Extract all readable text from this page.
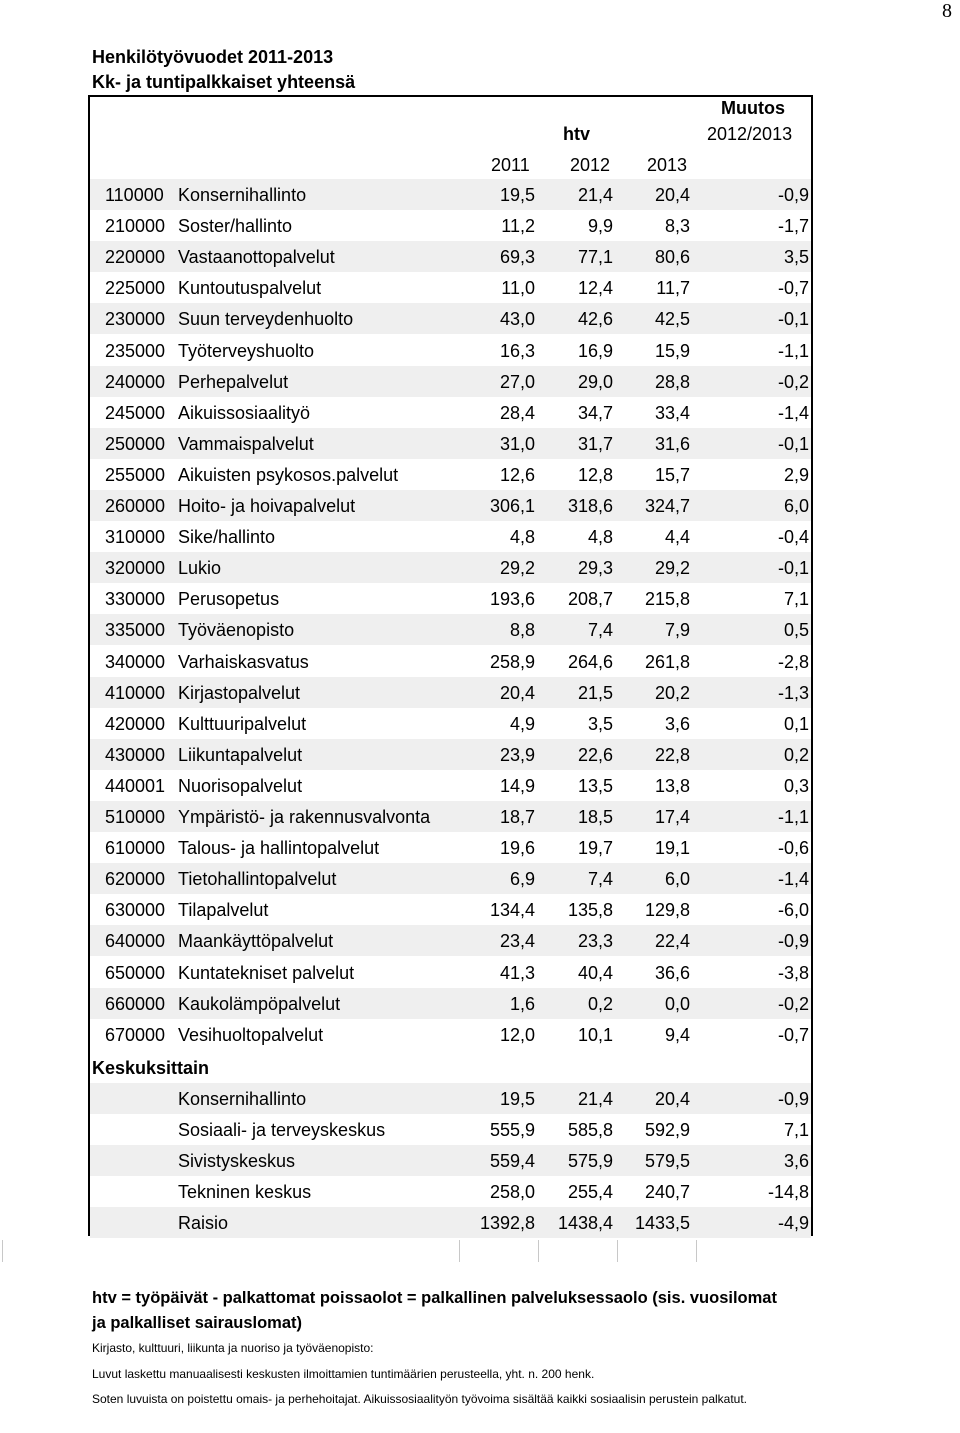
8
Henkilötyövuodet 2011-2013
Kk- ja tuntipalkkaiset yhteensä
Muutos
2012/2013
htv
2011 2012 2013
110000 Konsernihallinto	19,5	21,4	20,4	-0,9
210000 Soster/hallinto	11,2	9,9	8,3	-1,7
220000 Vastaanottopalvelut	69,3	77,1	80,6	3,5
225000 Kuntoutuspalvelut	11,0	12,4	11,7	-0,7
230000 Suun terveydenhuolto	43,0	42,6	42,5	-0,1
235000 Työterveyshuolto	16,3	16,9	15,9	-1,1
240000 Perhepalvelut	27,0	29,0	28,8	-0,2
245000 Aikuissosiaalityö	28,4	34,7	33,4	-1,4
250000 Vammaispalvelut	31,0	31,7	31,6	-0,1
255000 Aikuisten psykosos.palvelut	12,6	12,8	15,7	2,9
260000 Hoito- ja hoivapalvelut	306,1	318,6	324,7	6,0
310000 Sike/hallinto	4,8	4,8	4,4	-0,4
320000 Lukio	29,2	29,3	29,2	-0,1
330000 Perusopetus	193,6	208,7	215,8	7,1
335000 Työväenopisto	8,8	7,4	7,9	0,5
340000 Varhaiskasvatus	258,9	264,6	261,8	-2,8
410000 Kirjastopalvelut	20,4	21,5	20,2	-1,3
420000 Kulttuuripalvelut	4,9	3,5	3,6	0,1
430000 Liikuntapalvelut	23,9	22,6	22,8	0,2
440001 Nuorisopalvelut	14,9	13,5	13,8	0,3
510000 Ympäristö- ja rakennusvalvonta	18,7	18,5	17,4	-1,1
610000 Talous- ja hallintopalvelut	19,6	19,7	19,1	-0,6
620000 Tietohallintopalvelut	6,9	7,4	6,0	-1,4
630000 Tilapalvelut	134,4	135,8	129,8	-6,0
640000 Maankäyttöpalvelut	23,4	23,3	22,4	-0,9
650000 Kuntatekniset palvelut	41,3	40,4	36,6	-3,8
660000 Kaukolämpöpalvelut	1,6	0,2	0,0	-0,2
670000 Vesihuoltopalvelut	12,0	10,1	9,4	-0,7
Keskuksittain
Konsernihallinto	19,5	21,4	20,4	-0,9
Sosiaali- ja terveyskeskus	555,9	585,8	592,9	7,1
Sivistyskeskus	559,4	575,9	579,5	3,6
Tekninen keskus	258,0	255,4	240,7	-14,8
Raisio	1392,8	1438,4	1433,5	-4,9
htv = työpäivät - palkattomat poissaolot = palkallinen palveluksessaolo (sis. vuosilomat
ja palkalliset sairauslomat)
Kirjasto, kulttuuri, liikunta ja nuoriso ja työväenopisto:
Luvut laskettu manuaalisesti keskusten ilmoittamien tuntimäärien perusteella, yht. n. 200 henk.
Soten luvuista on poistettu omais- ja perhehoitajat. Aikuissosiaalityön työvoima sisältää kaikki sosiaalisin perustein palkatut.
